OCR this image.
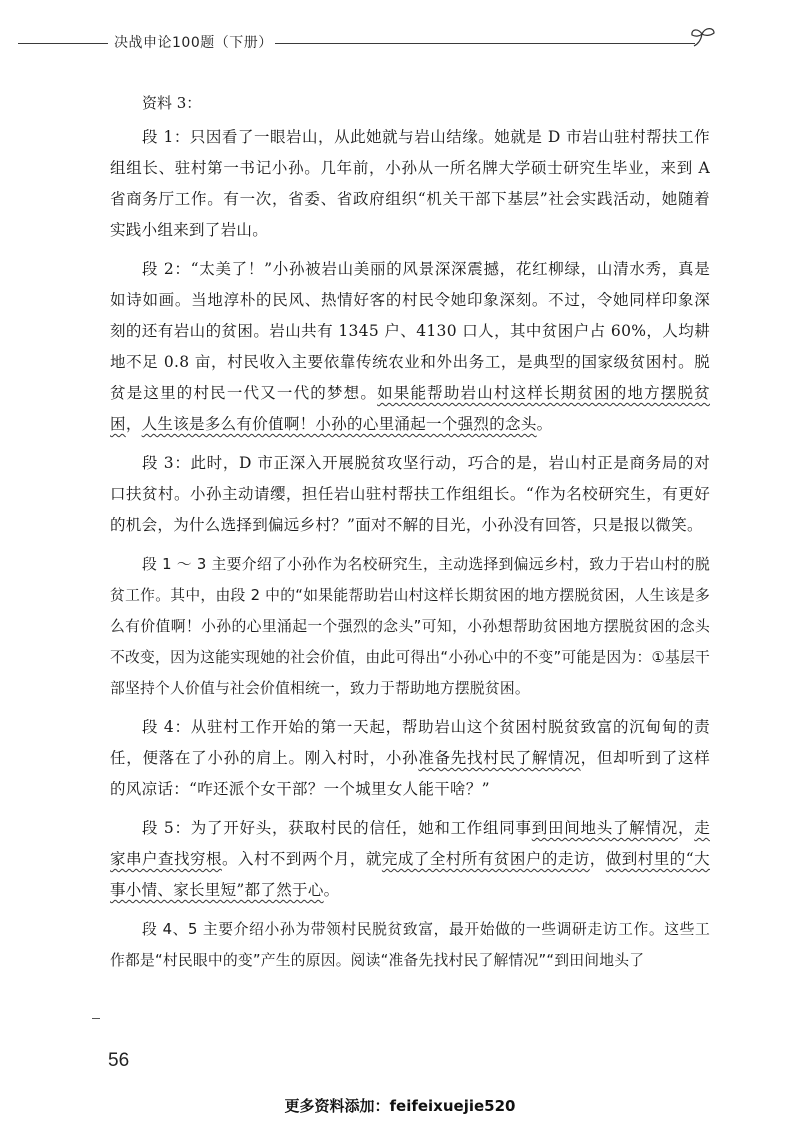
决战申论100题（下册）
资料 3：

段 1：只因看了一眼岩山，从此她就与岩山结缘。她就是 D 市岩山驻村帮扶工作组组长、驻村第一书记小孙。几年前，小孙从一所名牌大学硕士研究生毕业，来到 A 省商务厅工作。有一次，省委、省政府组织“机关干部下基层”社会实践活动，她随着实践小组来到了岩山。

段 2：“太美了！”小孙被岩山美丽的风景深深震撼，花红柳绿，山清水秀，真是如诗如画。当地淳朴的民风、热情好客的村民令她印象深刻。不过，令她同样印象深刻的还有岩山的贫困。岩山共有 1345 户、4130 口人，其中贫困户占 60%，人均耕地不足 0.8 亩，村民收入主要依靠传统农业和外出务工，是典型的国家级贫困村。脱贫是这里的村民一代又一代的梦想。如果能帮助岩山村这样长期贫困的地方摆脱贫困，人生该是多么有价值啊！小孙的心里涌起一个强烈的念头。

段 3：此时，D 市正深入开展脱贫攻坚行动，巧合的是，岩山村正是商务局的对口扶贫村。小孙主动请缨，担任岩山驻村帮扶工作组组长。“作为名校研究生，有更好的机会，为什么选择到偏远乡村？”面对不解的目光，小孙没有回答，只是报以微笑。

段 1 ～ 3 主要介绍了小孙作为名校研究生，主动选择到偏远乡村，致力于岩山村的脱贫工作。其中，由段 2 中的“如果能帮助岩山村这样长期贫困的地方摆脱贫困，人生该是多么有价值啊！小孙的心里涌起一个强烈的念头”可知，小孙想帮助贫困地方摆脱贫困的念头不改变，因为这能实现她的社会价值，由此可得出“小孙心中的不变”可能是因为：①基层干部坚持个人价值与社会价值相统一，致力于帮助地方摆脱贫困。

段 4：从驻村工作开始的第一天起，帮助岩山这个贫困村脱贫致富的沉甸甸的责任，便落在了小孙的肩上。刚入村时，小孙准备先找村民了解情况，但却听到了这样的风凉话：“咋还派个女干部？一个城里女人能干啥？”

段 5：为了开好头，获取村民的信任，她和工作组同事到田间地头了解情况，走家串户查找穷根。入村不到两个月，就完成了全村所有贫困户的走访，做到村里的“大事小情、家长里短”都了然于心。

段 4、5 主要介绍小孙为带领村民脱贫致富，最开始做的一些调研走访工作。这些工作都是“村民眼中的变”产生的原因。阅读“准备先找村民了解情况”“到田间地头了

56
更多资料添加：feifeixuejie520
